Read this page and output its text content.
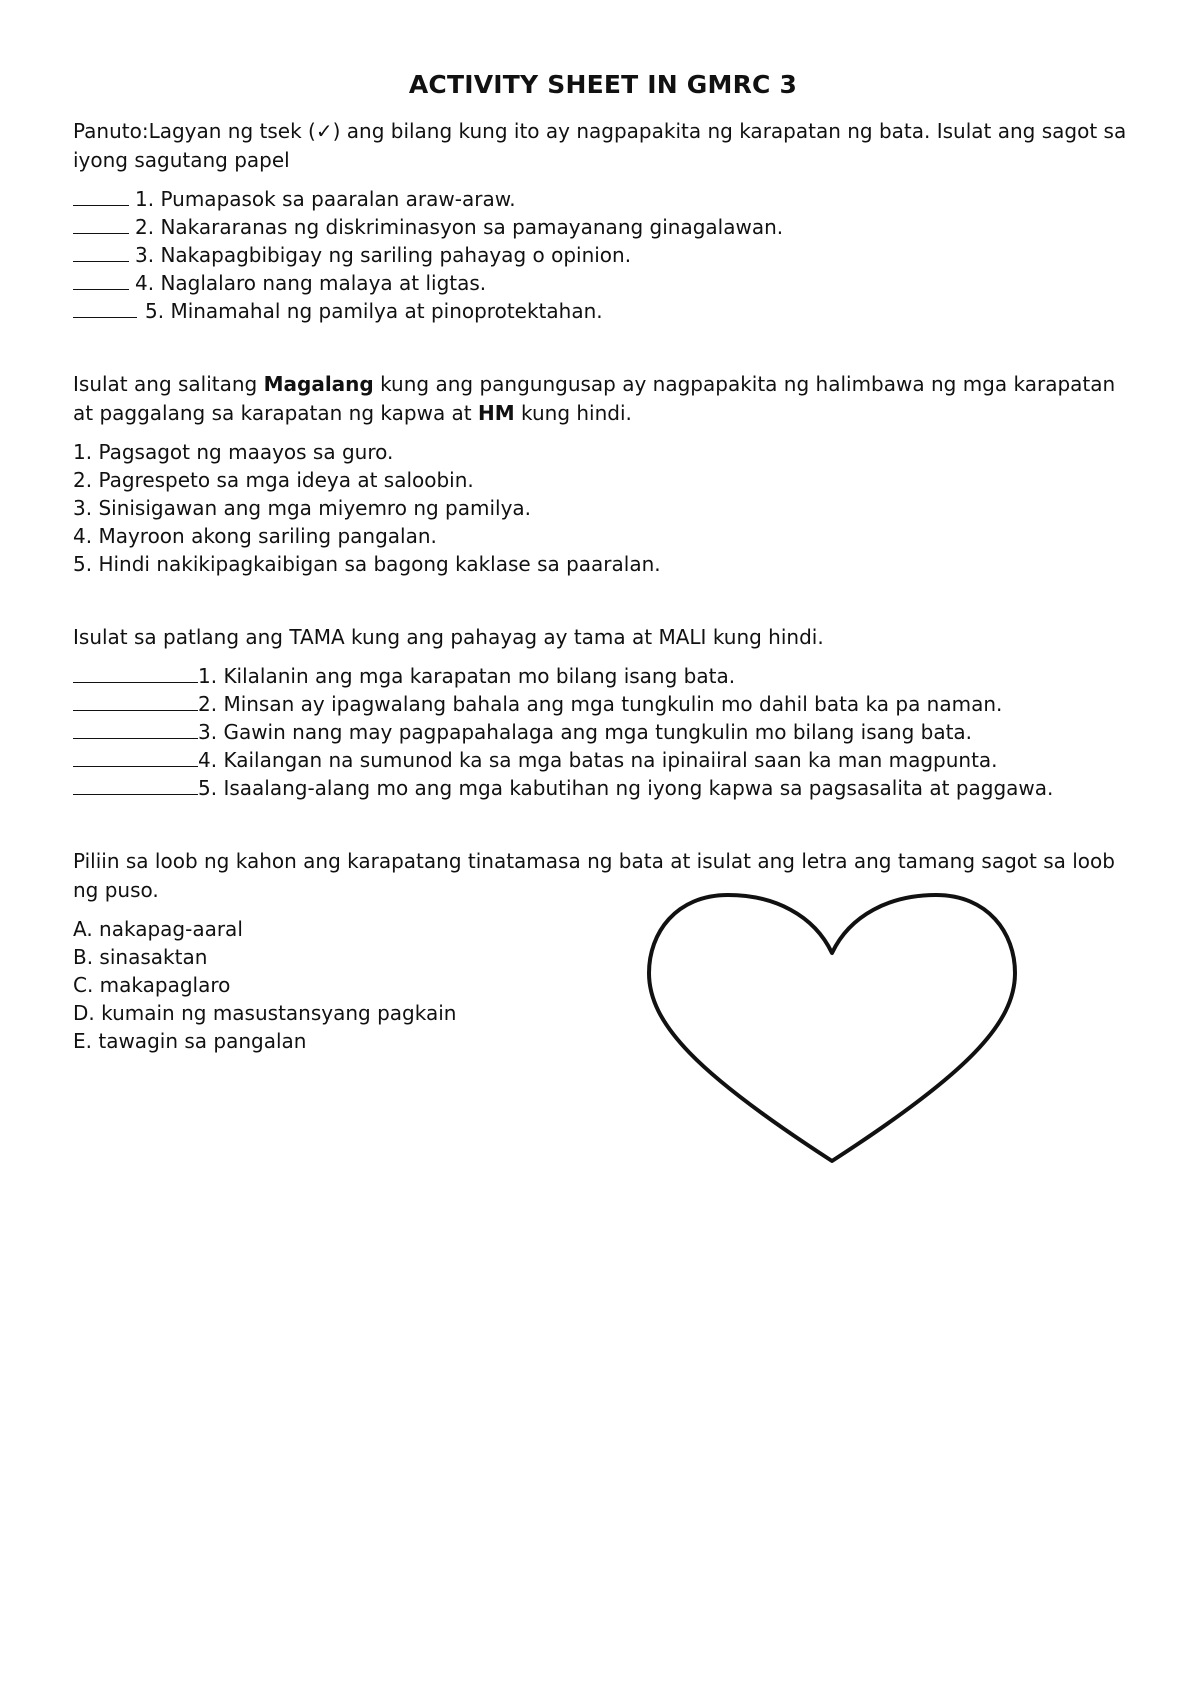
ACTIVITY SHEET IN GMRC 3

Panuto:Lagyan ng tsek (✓) ang bilang kung ito ay nagpapakita ng karapatan ng bata. Isulat ang sagot sa iyong sagutang papel

1. Pumapasok sa paaralan araw-araw.
2. Nakararanas ng diskriminasyon sa pamayanang ginagalawan.
3. Nakapagbibigay ng sariling pahayag o opinion.
4. Naglalaro nang malaya at ligtas.
5. Minamahal ng pamilya at pinoprotektahan.

Isulat ang salitang Magalang kung ang pangungusap ay nagpapakita ng halimbawa ng mga karapatan at paggalang sa karapatan ng kapwa at HM kung hindi.

1. Pagsagot ng maayos sa guro.
2. Pagrespeto sa mga ideya at saloobin.
3. Sinisigawan ang mga miyemro ng pamilya.
4. Mayroon akong sariling pangalan.
5. Hindi nakikipagkaibigan sa bagong kaklase sa paaralan.

Isulat sa patlang ang TAMA kung ang pahayag ay tama at MALI kung hindi.

1. Kilalanin ang mga karapatan mo bilang isang bata.
2. Minsan ay ipagwalang bahala ang mga tungkulin mo dahil bata ka pa naman.
3. Gawin nang may pagpapahalaga ang mga tungkulin mo bilang isang bata.
4. Kailangan na sumunod ka sa mga batas na ipinaiiral saan ka man magpunta.
5. Isaalang-alang mo ang mga kabutihan ng iyong kapwa sa pagsasalita at paggawa.

Piliin sa loob ng kahon ang karapatang tinatamasa ng bata at isulat ang letra ang tamang sagot sa loob ng puso.

A. nakapag-aaral
B. sinasaktan
C. makapaglaro
D. kumain ng masustansyang pagkain
E. tawagin sa pangalan
